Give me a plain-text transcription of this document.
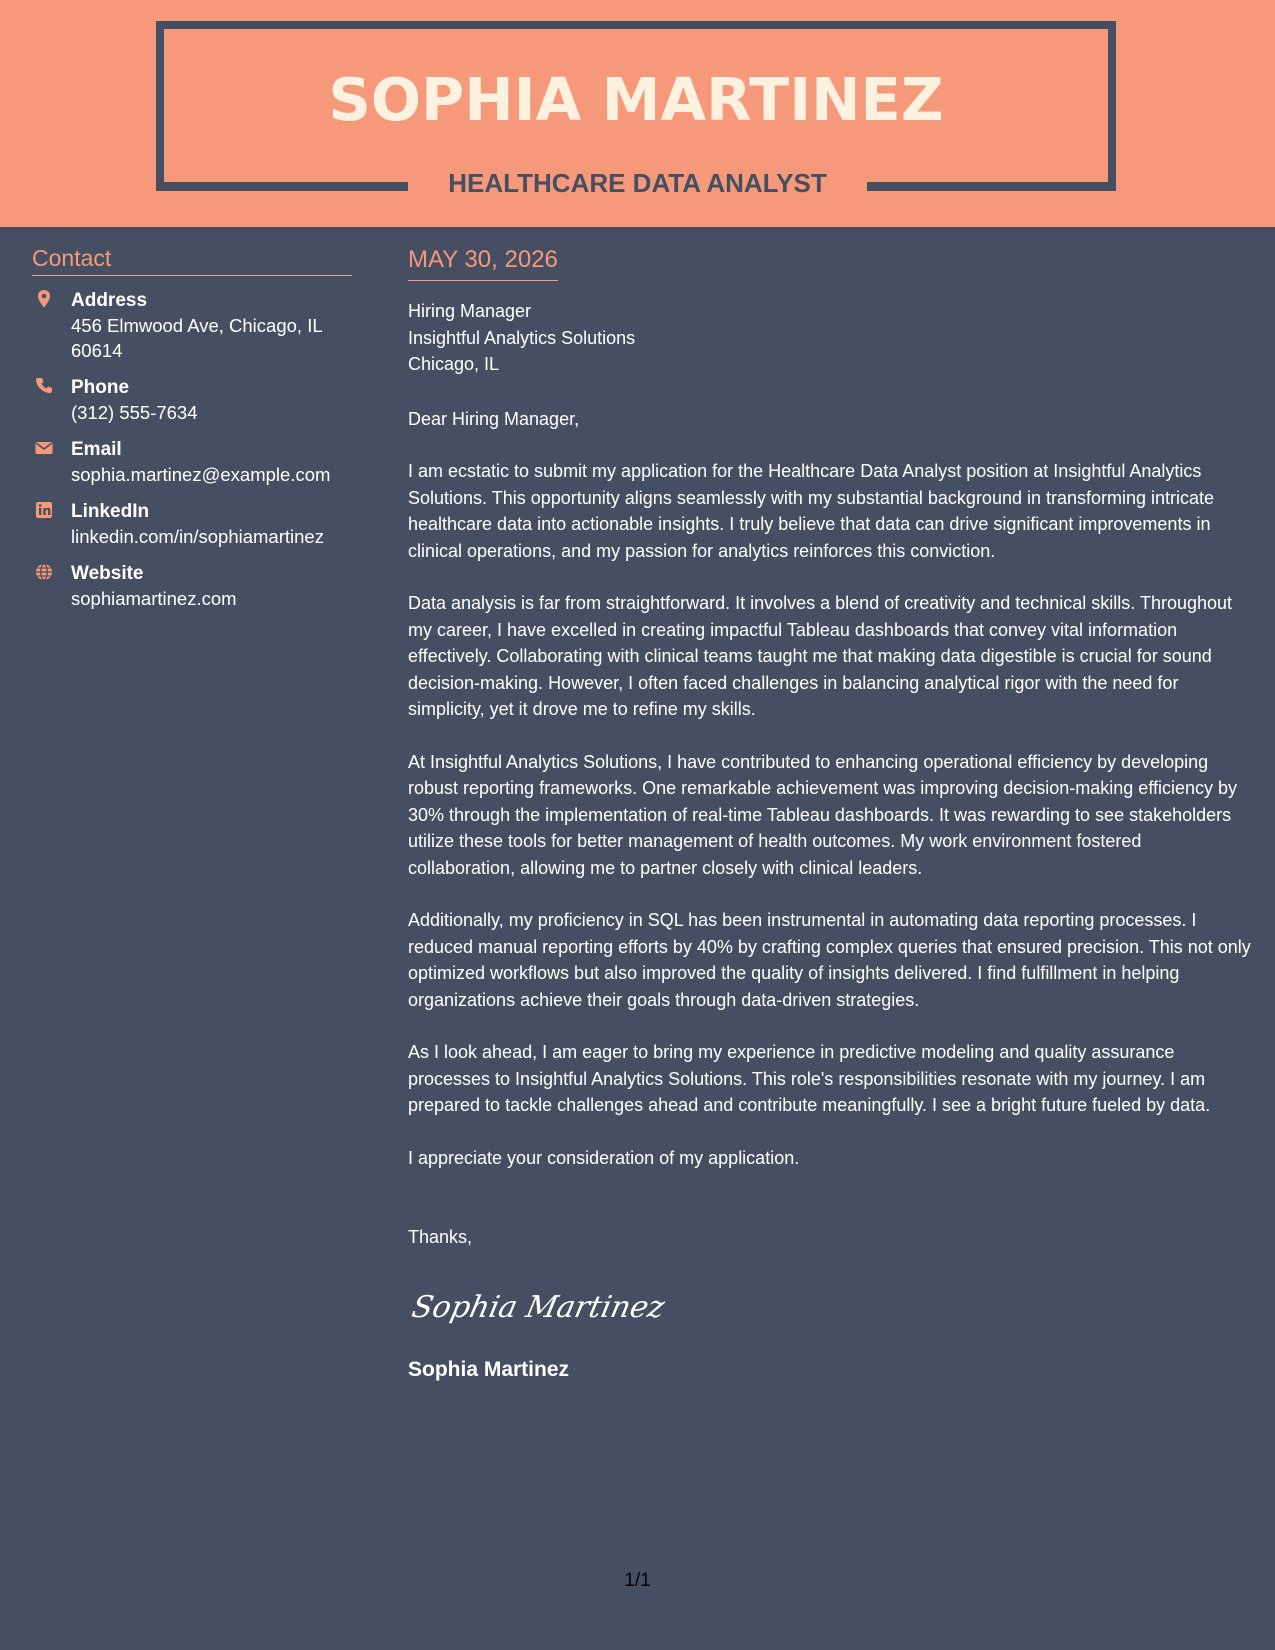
SOPHIA MARTINEZ
HEALTHCARE DATA ANALYST
Contact
Address
456 Elmwood Ave, Chicago, IL 60614
Phone
(312) 555-7634
Email
sophia.martinez@example.com
LinkedIn
linkedin.com/in/sophiamartinez
Website
sophiamartinez.com
MAY 30, 2026
Hiring Manager
Insightful Analytics Solutions
Chicago, IL
Dear Hiring Manager,
I am ecstatic to submit my application for the Healthcare Data Analyst position at Insightful Analytics Solutions. This opportunity aligns seamlessly with my substantial background in transforming intricate healthcare data into actionable insights. I truly believe that data can drive significant improvements in clinical operations, and my passion for analytics reinforces this conviction.
Data analysis is far from straightforward. It involves a blend of creativity and technical skills. Throughout my career, I have excelled in creating impactful Tableau dashboards that convey vital information effectively. Collaborating with clinical teams taught me that making data digestible is crucial for sound decision-making. However, I often faced challenges in balancing analytical rigor with the need for simplicity, yet it drove me to refine my skills.
At Insightful Analytics Solutions, I have contributed to enhancing operational efficiency by developing robust reporting frameworks. One remarkable achievement was improving decision-making efficiency by 30% through the implementation of real-time Tableau dashboards. It was rewarding to see stakeholders utilize these tools for better management of health outcomes. My work environment fostered collaboration, allowing me to partner closely with clinical leaders.
Additionally, my proficiency in SQL has been instrumental in automating data reporting processes. I reduced manual reporting efforts by 40% by crafting complex queries that ensured precision. This not only optimized workflows but also improved the quality of insights delivered. I find fulfillment in helping organizations achieve their goals through data-driven strategies.
As I look ahead, I am eager to bring my experience in predictive modeling and quality assurance processes to Insightful Analytics Solutions. This role's responsibilities resonate with my journey. I am prepared to tackle challenges ahead and contribute meaningfully. I see a bright future fueled by data.
I appreciate your consideration of my application.
Thanks,
Sophia Martinez
Sophia Martinez
1/1
